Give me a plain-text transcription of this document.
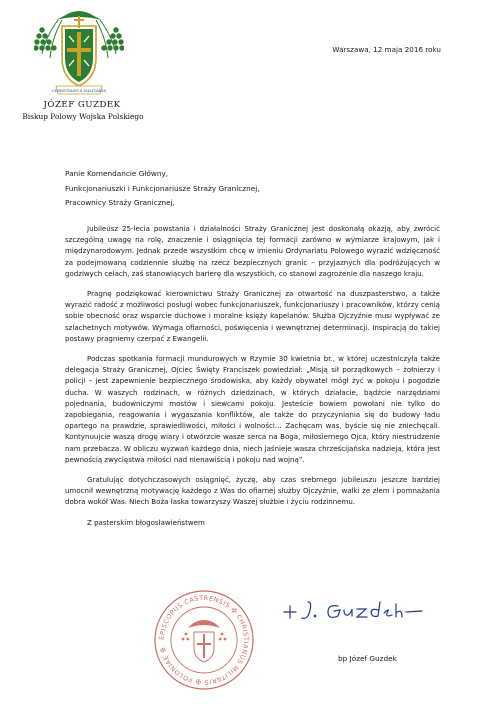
CHRISTIANUS MILITARIS
JÓZEF GUZDEK
Biskup Polowy Wojska Polskiego
Warszawa, 12 maja 2016 roku
Panie Komendancie Główny,
Funkcjonariuszki i Funkcjonariusze Straży Granicznej,
Pracownicy Straży Granicznej,

Jubileusz 25-lecia powstania i działalności Straży Granicznej jest doskonałą okazją, aby zwrócić szczególną uwagę na rolę, znaczenie i osiągnięcia tej formacji zarówno w wymiarze krajowym, jak i międzynarodowym. Jednak przede wszystkim chcę w imieniu Ordynariatu Polowego wyrazić wdzięczność za podejmowaną codziennie służbę na rzecz bezpiecznych granic – przyjaznych dla podróżujących w godziwych celach, zaś stanowiących barierę dla wszystkich, co stanowi zagrożenie dla naszego kraju.

Pragnę podziękować kierownictwu Straży Granicznej za otwartość na duszpasterstwo, a także wyrazić radość z możliwości posługi wobec funkcjonariuszek, funkcjonariuszy i pracowników, którzy cenią sobie obecność oraz wsparcie duchowe i moralne księży kapelanów. Służba Ojczyźnie musi wypływać ze szlachetnych motywów. Wymaga ofiarności, poświęcenia i wewnętrznej determinacji. Inspiracją do takiej postawy pragniemy czerpać z Ewangelii.

Podczas spotkania formacji mundurowych w Rzymie 30 kwietnia br., w której uczestniczyła także delegacja Straży Granicznej, Ojciec Święty Franciszek powiedział: „Misją sił porządkowych – żołnierzy i policji – jest zapewnienie bezpiecznego środowiska, aby każdy obywatel mógł żyć w pokoju i pogodzie ducha. W waszych rodzinach, w różnych dziedzinach, w których działacie, bądźcie narzędziami pojednania, budowniczymi mostów i siewcami pokoju. Jesteście bowiem powołani nie tylko do zapobiegania, reagowania i wygaszania konfliktów, ale także do przyczyniania się do budowy ładu opartego na prawdzie, sprawiedliwości, miłości i wolności… Zachęcam was, byście się nie zniechęcali. Kontynuujcie waszą drogę wiary i otwórzcie wasze serca na Boga, miłosiernego Ojca, który niestrudzenie nam przebacza. W obliczu wyzwań każdego dnia, niech jaśnieje wasza chrześcijańska nadzieja, która jest pewnością zwycięstwa miłości nad nienawiścią i pokoju nad wojną”.

Gratulując dotychczasowych osiągnięć, życzę, aby czas srebrnego jubileuszu jeszcze bardziej umocnił wewnętrzną motywację każdego z Was do ofiarnej służby Ojczyźnie, walki ze złem i pomnażania dobra wokół Was. Niech Boża łaska towarzyszy Waszej służbie i życiu rodzinnemu.

Z pasterskim błogosławieństwem
EPISCOPUS CASTRENSIS ✠ CHRISTIANUS MILITARIS ✠ POLONIAE ✠
bp Józef Guzdek
